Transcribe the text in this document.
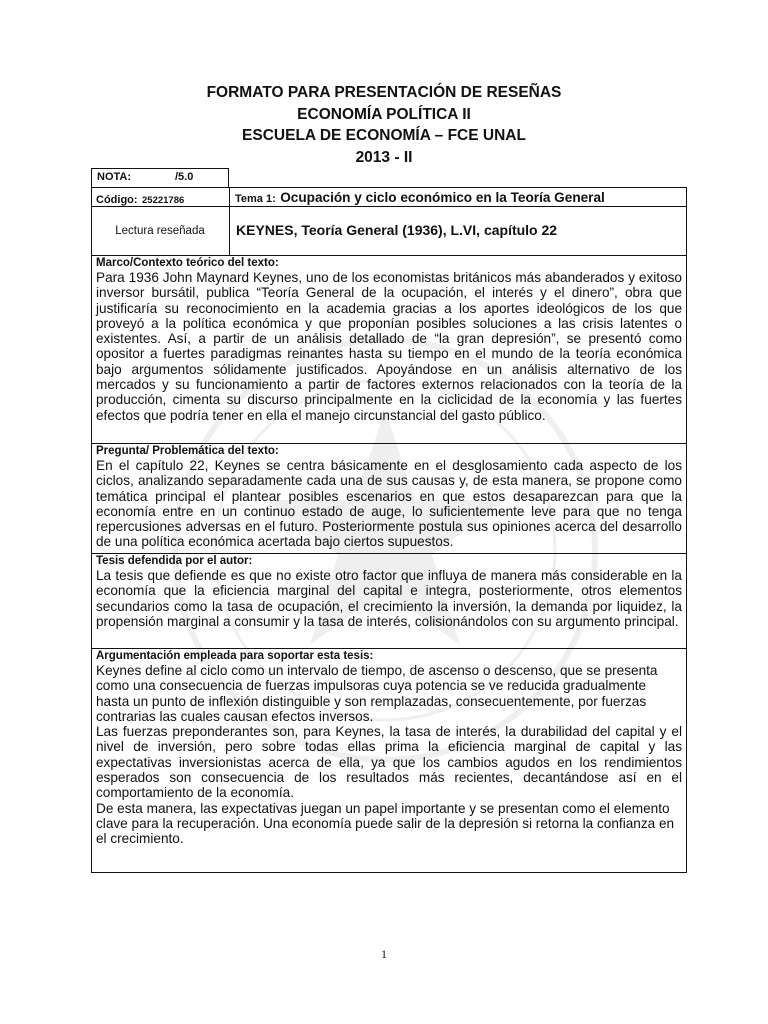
FORMATO PARA PRESENTACIÓN DE RESEÑAS
ECONOMÍA POLÍTICA II
ESCUELA DE ECONOMÍA – FCE UNAL
2013 - II
NOTA:	/5.0
Código: 25221786	Tema 1: Ocupación y ciclo económico en la Teoría General
Lectura reseñada KEYNES, Teoría General (1936), L.VI, capítulo 22
Marco/Contexto teórico del texto:

Para 1936 John Maynard Keynes, uno de los economistas británicos más abanderados y exitoso inversor bursátil, publica “Teoría General de la ocupación, el interés y el dinero”, obra que justificaría su reconocimiento en la academia gracias a los aportes ideológicos de los que proveyó a la política económica y que proponían posibles soluciones a las crisis latentes o existentes. Así, a partir de un análisis detallado de “la gran depresión”, se presentó como opositor a fuertes paradigmas reinantes hasta su tiempo en el mundo de la teoría económica bajo argumentos sólidamente justificados. Apoyándose en un análisis alternativo de los mercados y su funcionamiento a partir de factores externos relacionados con la teoría de la producción, cimenta su discurso principalmente en la ciclicidad de la economía y las fuertes efectos que podría tener en ella el manejo circunstancial del gasto público.

Pregunta/ Problemática del texto:

En el capítulo 22, Keynes se centra básicamente en el desglosamiento cada aspecto de los ciclos, analizando separadamente cada una de sus causas y, de esta manera, se propone como temática principal el plantear posibles escenarios en que estos desaparezcan para que la economía entre en un continuo estado de auge, lo suficientemente leve para que no tenga repercusiones adversas en el futuro. Posteriormente postula sus opiniones acerca del desarrollo de una política económica acertada bajo ciertos supuestos.

Tesis defendida por el autor:

La tesis que defiende es que no existe otro factor que influya de manera más considerable en la economía que la eficiencia marginal del capital e integra, posteriormente, otros elementos secundarios como la tasa de ocupación, el crecimiento la inversión, la demanda por liquidez, la propensión marginal a consumir y la tasa de interés, colisionándolos con su argumento principal.

Argumentación empleada para soportar esta tesis:

Keynes define al ciclo como un intervalo de tiempo, de ascenso o descenso, que se presenta como una consecuencia de fuerzas impulsoras cuya potencia se ve reducida gradualmente hasta un punto de inflexión distinguible y son remplazadas, consecuentemente, por fuerzas contrarias las cuales causan efectos inversos.

Las fuerzas preponderantes son, para Keynes, la tasa de interés, la durabilidad del capital y el nivel de inversión, pero sobre todas ellas prima la eficiencia marginal de capital y las expectativas inversionistas acerca de ella, ya que los cambios agudos en los rendimientos esperados son consecuencia de los resultados más recientes, decantándose así en el comportamiento de la economía.

De esta manera, las expectativas juegan un papel importante y se presentan como el elemento clave para la recuperación. Una economía puede salir de la depresión si retorna la confianza en el crecimiento.

1
